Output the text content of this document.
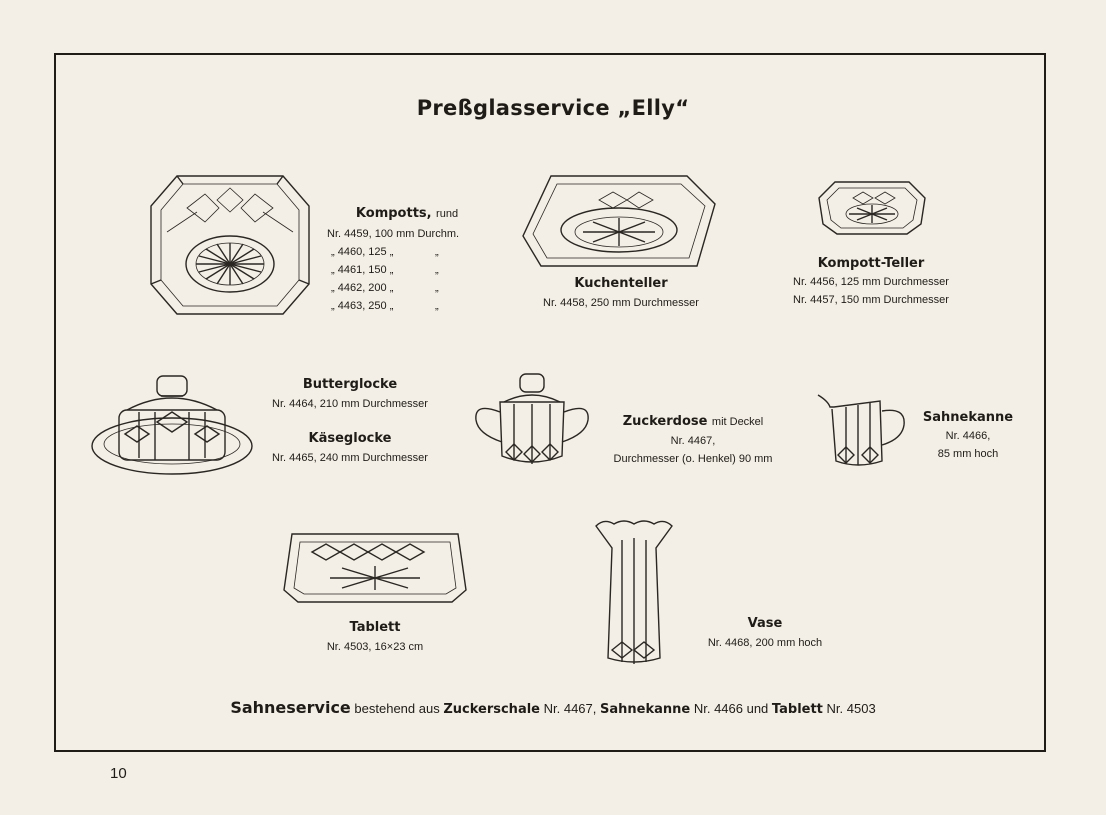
Preßglasservice „Elly“
Kompotts, rund
Nr. 4459, 100 mm Durchm.
„ 4460, 125 „	„
„ 4461, 150 „	„
„ 4462, 200 „	„
„ 4463, 250 „	„
Kuchenteller
Nr. 4458, 250 mm Durchmesser
Kompott-Teller
Nr. 4456, 125 mm Durchmesser
Nr. 4457, 150 mm Durchmesser
Butterglocke
Nr. 4464, 210 mm Durchmesser
Käseglocke
Nr. 4465, 240 mm Durchmesser
Zuckerdose mit Deckel
Nr. 4467,
Durchmesser (o. Henkel) 90 mm
Sahnekanne
Nr. 4466,
85 mm hoch
Tablett
Nr. 4503, 16×23 cm
Vase
Nr. 4468, 200 mm hoch
Sahneservice bestehend aus Zuckerschale Nr. 4467, Sahnekanne Nr. 4466 und Tablett Nr. 4503
10
